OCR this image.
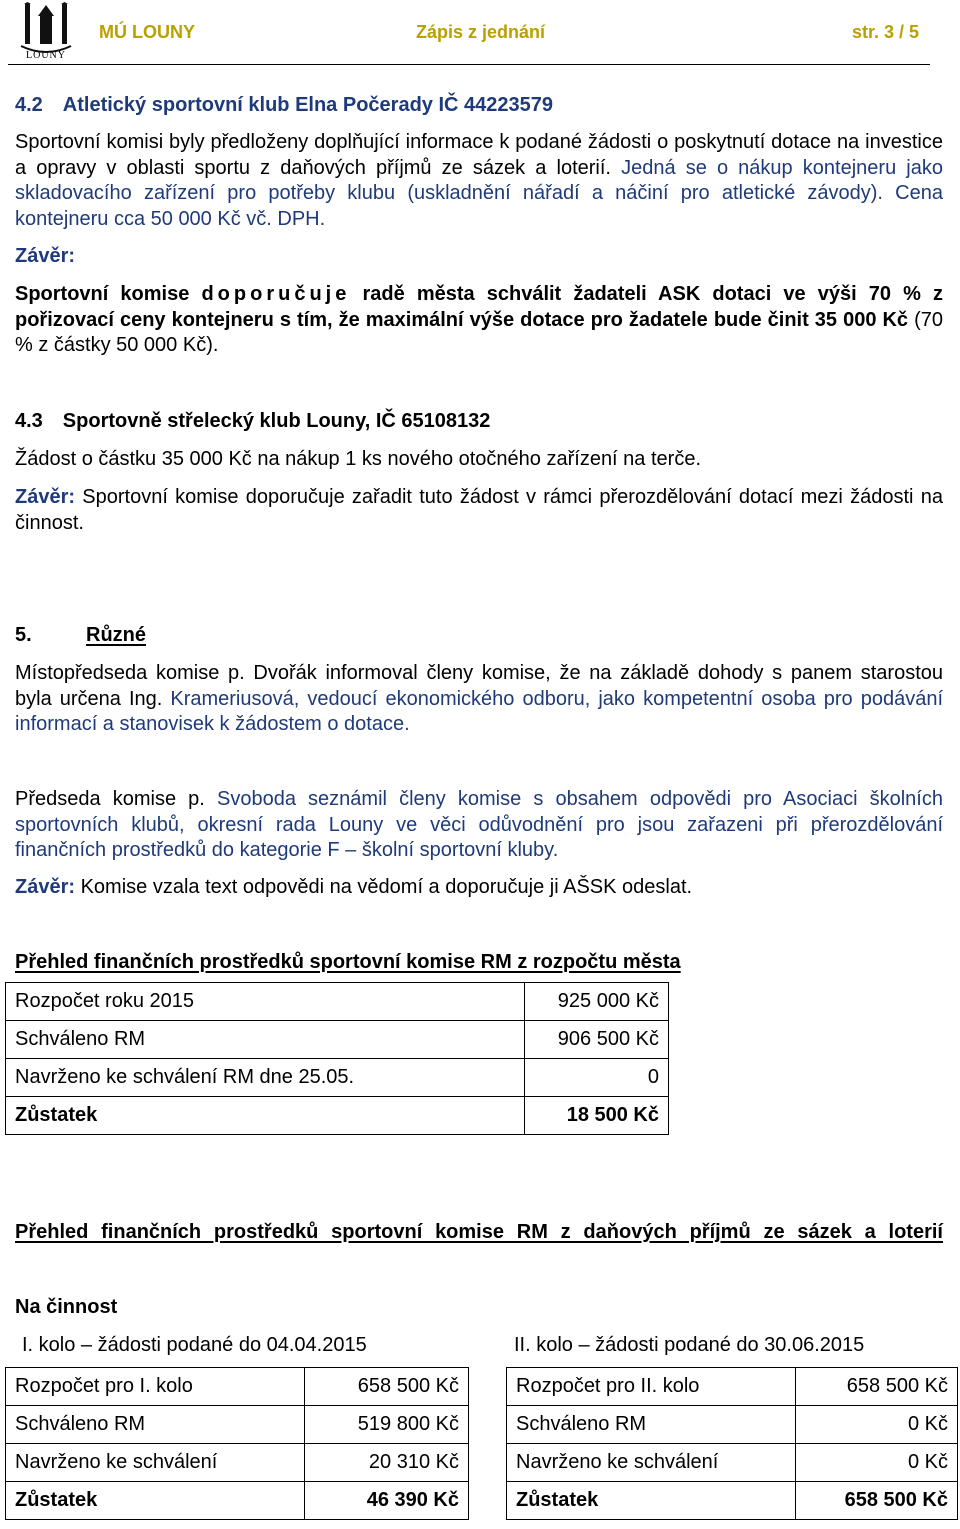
LOUNY
MÚ LOUNY	Zápis z jednání	str. 3 / 5
4.2 Atletický sportovní klub Elna Počerady IČ 44223579
Sportovní komisi byly předloženy doplňující informace k podané žádosti o poskytnutí dotace na investice a opravy v oblasti sportu z daňových příjmů ze sázek a loterií. Jedná se o nákup kontejneru jako skladovacího zařízení pro potřeby klubu (uskladnění nářadí a náčiní pro atletické závody). Cena kontejneru cca 50 000 Kč vč. DPH.
Závěr:
Sportovní komise doporučuje radě města schválit žadateli ASK dotaci ve výši 70 % z pořizovací ceny kontejneru s tím, že maximální výše dotace pro žadatele bude činit 35 000 Kč (70 % z částky 50 000 Kč).
4.3 Sportovně střelecký klub Louny, IČ 65108132
Žádost o částku 35 000 Kč na nákup 1 ks nového otočného zařízení na terče.
Závěr: Sportovní komise doporučuje zařadit tuto žádost v rámci přerozdělování dotací mezi žádosti na činnost.
5.	Různé
Místopředseda komise p. Dvořák informoval členy komise, že na základě dohody s panem starostou byla určena Ing. Krameriusová, vedoucí ekonomického odboru, jako kompetentní osoba pro podávání informací a stanovisek k žádostem o dotace.
Předseda komise p. Svoboda seznámil členy komise s obsahem odpovědi pro Asociaci školních sportovních klubů, okresní rada Louny ve věci odůvodnění pro jsou zařazeni při přerozdělování finančních prostředků do kategorie F – školní sportovní kluby.
Závěr: Komise vzala text odpovědi na vědomí a doporučuje ji AŠSK odeslat.
Přehled finančních prostředků sportovní komise RM z rozpočtu města
Rozpočet roku 2015	925 000 Kč
Schváleno RM	906 500 Kč
Navrženo ke schválení RM dne 25.05.	0
Zůstatek	18 500 Kč
Přehled finančních prostředků sportovní komise RM z daňových příjmů ze sázek a loterií
Na činnost
I. kolo – žádosti podané do 04.04.2015	II. kolo – žádosti podané do 30.06.2015
Rozpočet pro I. kolo	658 500 Kč
Schváleno RM	519 800 Kč
Navrženo ke schválení	20 310 Kč
Zůstatek	46 390 Kč
Rozpočet pro II. kolo	658 500 Kč
Schváleno RM	0 Kč
Navrženo ke schválení	0 Kč
Zůstatek	658 500 Kč
